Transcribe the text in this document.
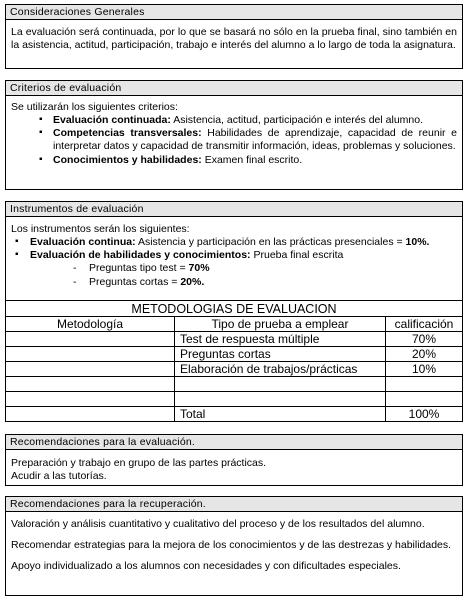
Consideraciones Generales

La evaluación será continuada, por lo que se basará no sólo en la prueba final, sino también en la asistencia, actitud, participación, trabajo e interés del alumno a lo largo de toda la asignatura.

Criterios de evaluación

Se utilizarán los siguientes criterios:

▪ Evaluación continuada: Asistencia, actitud, participación e interés del alumno.
▪ Competencias transversales: Habilidades de aprendizaje, capacidad de reunir e interpretar datos y capacidad de transmitir información, ideas, problemas y soluciones.
▪ Conocimientos y habilidades: Examen final escrito.
Instrumentos de evaluación

Los instrumentos serán los siguientes:

▪ Evaluación continua: Asistencia y participación en las prácticas presenciales = 10%.
▪ Evaluación de habilidades y conocimientos: Prueba final escrita
- Preguntas tipo test = 70%
- Preguntas cortas = 20%.
METODOLOGIAS DE EVALUACION		
Metodología	Tipo de prueba a emplear	calificación
	Test de respuesta múltiple	70%
	Preguntas cortas	20%
	Elaboración de trabajos/prácticas	10%

	Total	100%
Recomendaciones para la evaluación.

Preparación y trabajo en grupo de las partes prácticas.

Acudir a las tutorías.

Recomendaciones para la recuperación.

Valoración y análisis cuantitativo y cualitativo del proceso y de los resultados del alumno.

Recomendar estrategias para la mejora de los conocimientos y de las destrezas y habilidades.

Apoyo individualizado a los alumnos con necesidades y con dificultades especiales.
